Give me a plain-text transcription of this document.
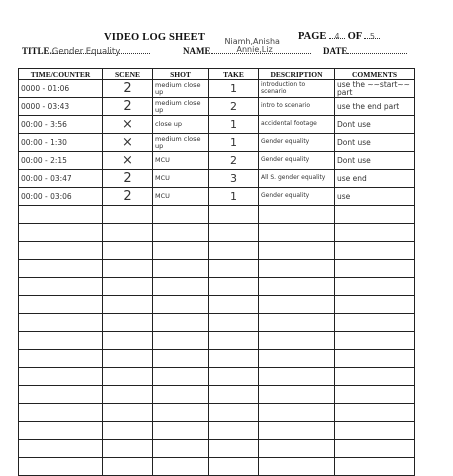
VIDEO LOG SHEET	PAGE 4 OF 5
TITLE.Gender Equality	NAME
Niamh,Anisha
Annie,Liz	DATE
TIME/COUNTER	SCENE	SHOT	TAKE	DESCRIPTION	COMMENTS
0000 - 01:06	2	medium close up	1	introduction to scenario	use the ~~start~~ part
0000 - 03:43	2	medium close up	2	intro to scenario	use the end part
00:00 - 3:56	×	close up	1	accidental footage	Dont use
00:00 - 1:30	×	medium close up	1	Gender equality	Dont use
00:00 - 2:15	×	MCU	2	Gender equality	Dont use
00:00 - 03:47	2	MCU	3	All S. gender equality	use end
00:00 - 03:06	2	MCU	1	Gender equality	use
